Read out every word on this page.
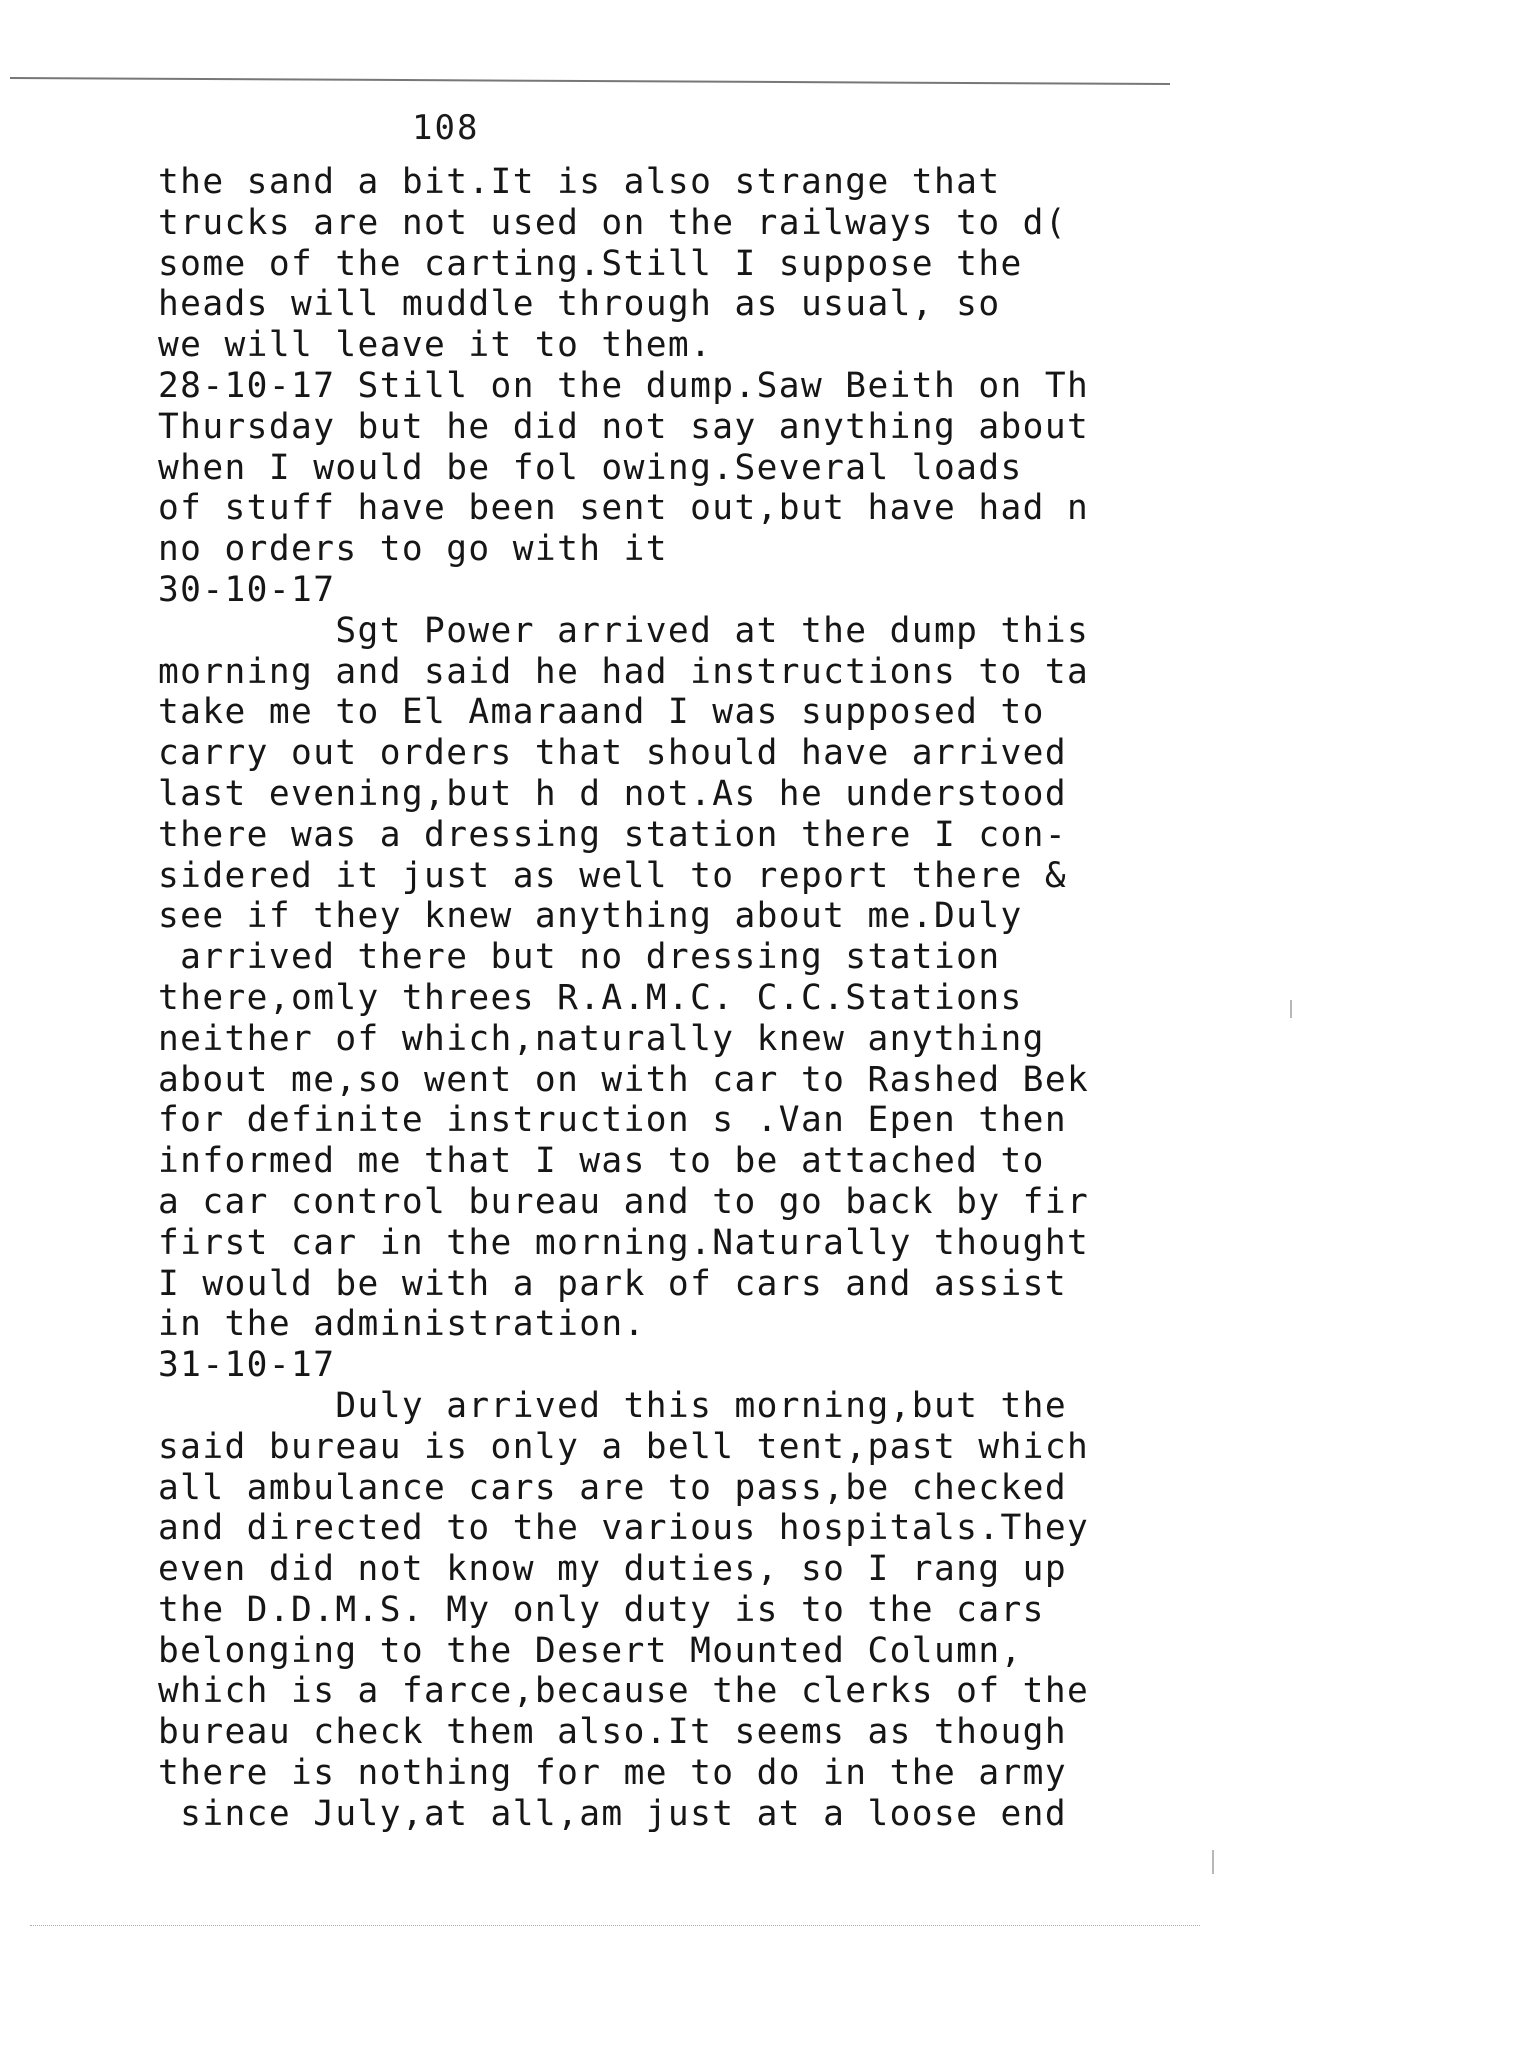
108

the sand a bit.It is also strange that
trucks are not used on the railways to d(
some of the carting.Still I suppose the
heads will muddle through as usual, so
we will leave it to them.
28-10-17 Still on the dump.Saw Beith on Th
Thursday but he did not say anything about
when I would be fol owing.Several loads
of stuff have been sent out,but have had n
no orders to go with it
30-10-17
Sgt Power arrived at the dump this
morning and said he had instructions to ta
take me to El Amaraand I was supposed to
carry out orders that should have arrived
last evening,but h d not.As he understood
there was a dressing station there I con-
sidered it just as well to report there &
see if they knew anything about me.Duly
arrived there but no dressing station
there,omly threes R.A.M.C. C.C.Stations
neither of which,naturally knew anything
about me,so went on with car to Rashed Bek
for definite instruction s .Van Epen then
informed me that I was to be attached to
a car control bureau and to go back by fir
first car in the morning.Naturally thought
I would be with a park of cars and assist
in the administration.
31-10-17
Duly arrived this morning,but the
said bureau is only a bell tent,past which
all ambulance cars are to pass,be checked
and directed to the various hospitals.They
even did not know my duties, so I rang up
the D.D.M.S. My only duty is to the cars
belonging to the Desert Mounted Column,
which is a farce,because the clerks of the
bureau check them also.It seems as though
there is nothing for me to do in the army
since July,at all,am just at a loose end
